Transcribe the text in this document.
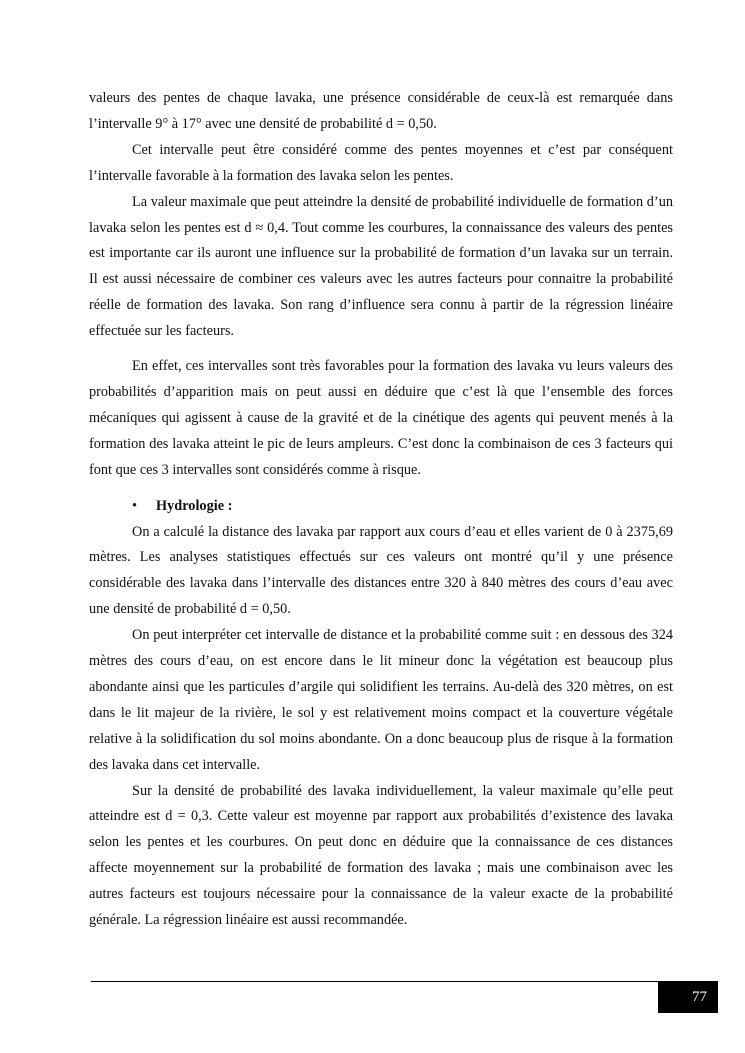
valeurs des pentes de chaque lavaka, une présence considérable de ceux-là est remarquée dans l’intervalle 9° à 17° avec une densité de probabilité d = 0,50.

Cet intervalle peut être considéré comme des pentes moyennes et c’est par conséquent l’intervalle favorable à la formation des lavaka selon les pentes.

La valeur maximale que peut atteindre la densité de probabilité individuelle de formation d’un lavaka selon les pentes est d ≈ 0,4. Tout comme les courbures, la connaissance des valeurs des pentes est importante car ils auront une influence sur la probabilité de formation d’un lavaka sur un terrain. Il est aussi nécessaire de combiner ces valeurs avec les autres facteurs pour connaitre la probabilité réelle de formation des lavaka. Son rang d’influence sera connu à partir de la régression linéaire effectuée sur les facteurs.

En effet, ces intervalles sont très favorables pour la formation des lavaka vu leurs valeurs des probabilités d’apparition mais on peut aussi en déduire que c’est là que l’ensemble des forces mécaniques qui agissent à cause de la gravité et de la cinétique des agents qui peuvent menés à la formation des lavaka atteint le pic de leurs ampleurs. C’est donc la combinaison de ces 3 facteurs qui font que ces 3 intervalles sont considérés comme à risque.

•	Hydrologie :

On a calculé la distance des lavaka par rapport aux cours d’eau et elles varient de 0 à 2375,69 mètres. Les analyses statistiques effectués sur ces valeurs ont montré qu’il y une présence considérable des lavaka dans l’intervalle des distances entre 320 à 840 mètres des cours d’eau avec une densité de probabilité d = 0,50.

On peut interpréter cet intervalle de distance et la probabilité comme suit : en dessous des 324 mètres des cours d’eau, on est encore dans le lit mineur donc la végétation est beaucoup plus abondante ainsi que les particules d’argile qui solidifient les terrains. Au-delà des 320 mètres, on est dans le lit majeur de la rivière, le sol y est relativement moins compact et la couverture végétale relative à la solidification du sol moins abondante. On a donc beaucoup plus de risque à la formation des lavaka dans cet intervalle.

Sur la densité de probabilité des lavaka individuellement, la valeur maximale qu’elle peut atteindre est d = 0,3. Cette valeur est moyenne par rapport aux probabilités d’existence des lavaka selon les pentes et les courbures. On peut donc en déduire que la connaissance de ces distances affecte moyennement sur la probabilité de formation des lavaka ; mais une combinaison avec les autres facteurs est toujours nécessaire pour la connaissance de la valeur exacte de la probabilité générale. La régression linéaire est aussi recommandée.

77
